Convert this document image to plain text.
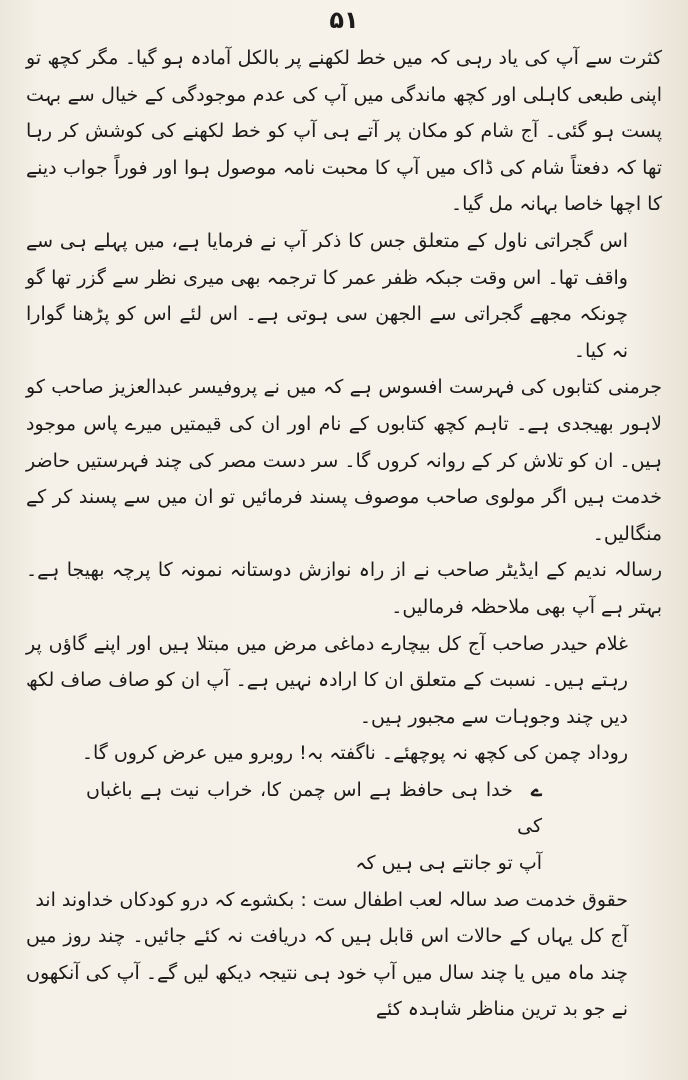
۵۱

کثرت سے آپ کی یاد رہی کہ میں خط لکھنے پر بالکل آمادہ ہو گیا۔ مگر کچھ تو اپنی طبعی کاہلی اور کچھ ماندگی میں آپ کی عدم موجودگی کے خیال سے بہت پست ہو گئی۔ آج شام کو مکان پر آتے ہی آپ کو خط لکھنے کی کوشش کر رہا تھا کہ دفعتاً شام کی ڈاک میں آپ کا محبت نامہ موصول ہوا اور فوراً جواب دینے کا اچھا خاصا بہانہ مل گیا۔

اس گجراتی ناول کے متعلق جس کا ذکر آپ نے فرمایا ہے، میں پہلے ہی سے واقف تھا۔ اس وقت جبکہ ظفر عمر کا ترجمہ بھی میری نظر سے گزر تھا گو چونکہ مجھے گجراتی سے الجھن سی ہوتی ہے۔ اس لئے اس کو پڑھنا گوارا نہ کیا۔

جرمنی کتابوں کی فہرست افسوس ہے کہ میں نے پروفیسر عبدالعزیز صاحب کو لاہور بھیجدی ہے۔ تاہم کچھ کتابوں کے نام اور ان کی قیمتیں میرے پاس موجود ہیں۔ ان کو تلاش کر کے روانہ کروں گا۔ سر دست مصر کی چند فہرستیں حاضر خدمت ہیں اگر مولوی صاحب موصوف پسند فرمائیں تو ان میں سے پسند کر کے منگالیں۔

رسالہ ندیم کے ایڈیٹر صاحب نے از راہ نوازش دوستانہ نمونہ کا پرچہ بھیجا ہے۔ بہتر ہے آپ بھی ملاحظہ فرمالیں۔

غلام حیدر صاحب آج کل بیچارے دماغی مرض میں مبتلا ہیں اور اپنے گاؤں پر رہتے ہیں۔ نسبت کے متعلق ان کا ارادہ نہیں ہے۔ آپ ان کو صاف صاف لکھ دیں چند وجوہات سے مجبور ہیں۔

روداد چمن کی کچھ نہ پوچھئے۔ ناگفتہ بہ! روبرو میں عرض کروں گا۔

ےخدا ہی حافظ ہے اس چمن کا، خراب نیت ہے باغباں کی

آپ تو جانتے ہی ہیں کہ

حقوق خدمت صد سالہ لعب اطفال ست : بکشوے کہ درو کودکاں خداوند اند

آج کل یہاں کے حالات اس قابل ہیں کہ دریافت نہ کئے جائیں۔ چند روز میں چند ماہ میں یا چند سال میں آپ خود ہی نتیجہ دیکھ لیں گے۔ آپ کی آنکھوں نے جو بد ترین مناظر شاہدہ کئے
